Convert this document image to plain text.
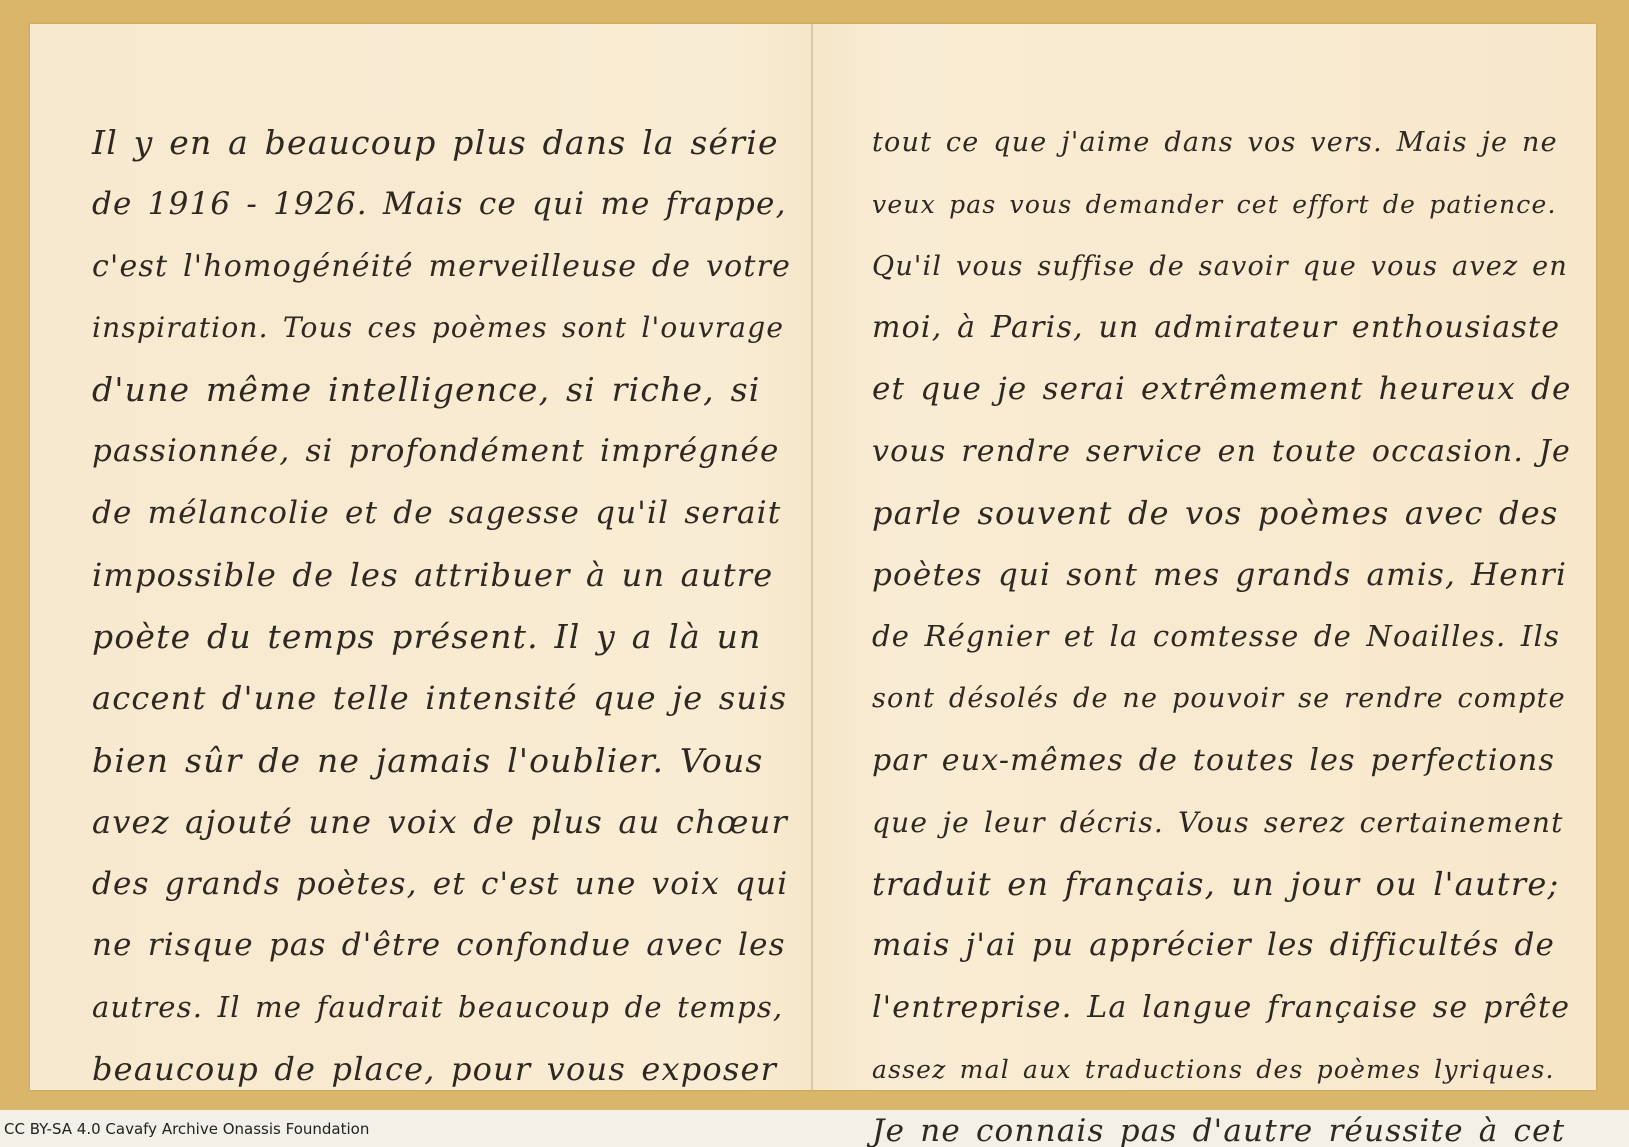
Il y en a beaucoup plus dans la série
de 1916 - 1926. Mais ce qui me frappe,
c'est l'homogénéité merveilleuse de votre
inspiration. Tous ces poèmes sont l'ouvrage
d'une même intelligence, si riche, si
passionnée, si profondément imprégnée
de mélancolie et de sagesse qu'il serait
impossible de les attribuer à un autre
poète du temps présent. Il y a là un
accent d'une telle intensité que je suis
bien sûr de ne jamais l'oublier. Vous
avez ajouté une voix de plus au chœur
des grands poètes, et c'est une voix qui
ne risque pas d'être confondue avec les
autres. Il me faudrait beaucoup de temps,
beaucoup de place, pour vous exposer
tout ce que j'aime dans vos vers. Mais je ne
veux pas vous demander cet effort de patience.
Qu'il vous suffise de savoir que vous avez en
moi, à Paris, un admirateur enthousiaste
et que je serai extrêmement heureux de
vous rendre service en toute occasion. Je
parle souvent de vos poèmes avec des
poètes qui sont mes grands amis, Henri
de Régnier et la comtesse de Noailles. Ils
sont désolés de ne pouvoir se rendre compte
par eux-mêmes de toutes les perfections
que je leur décris. Vous serez certainement
traduit en français, un jour ou l'autre;
mais j'ai pu apprécier les difficultés de
l'entreprise. La langue française se prête
assez mal aux traductions des poèmes lyriques.
Je ne connais pas d'autre réussite à cet
CC BY-SA 4.0 Cavafy Archive Onassis Foundation
